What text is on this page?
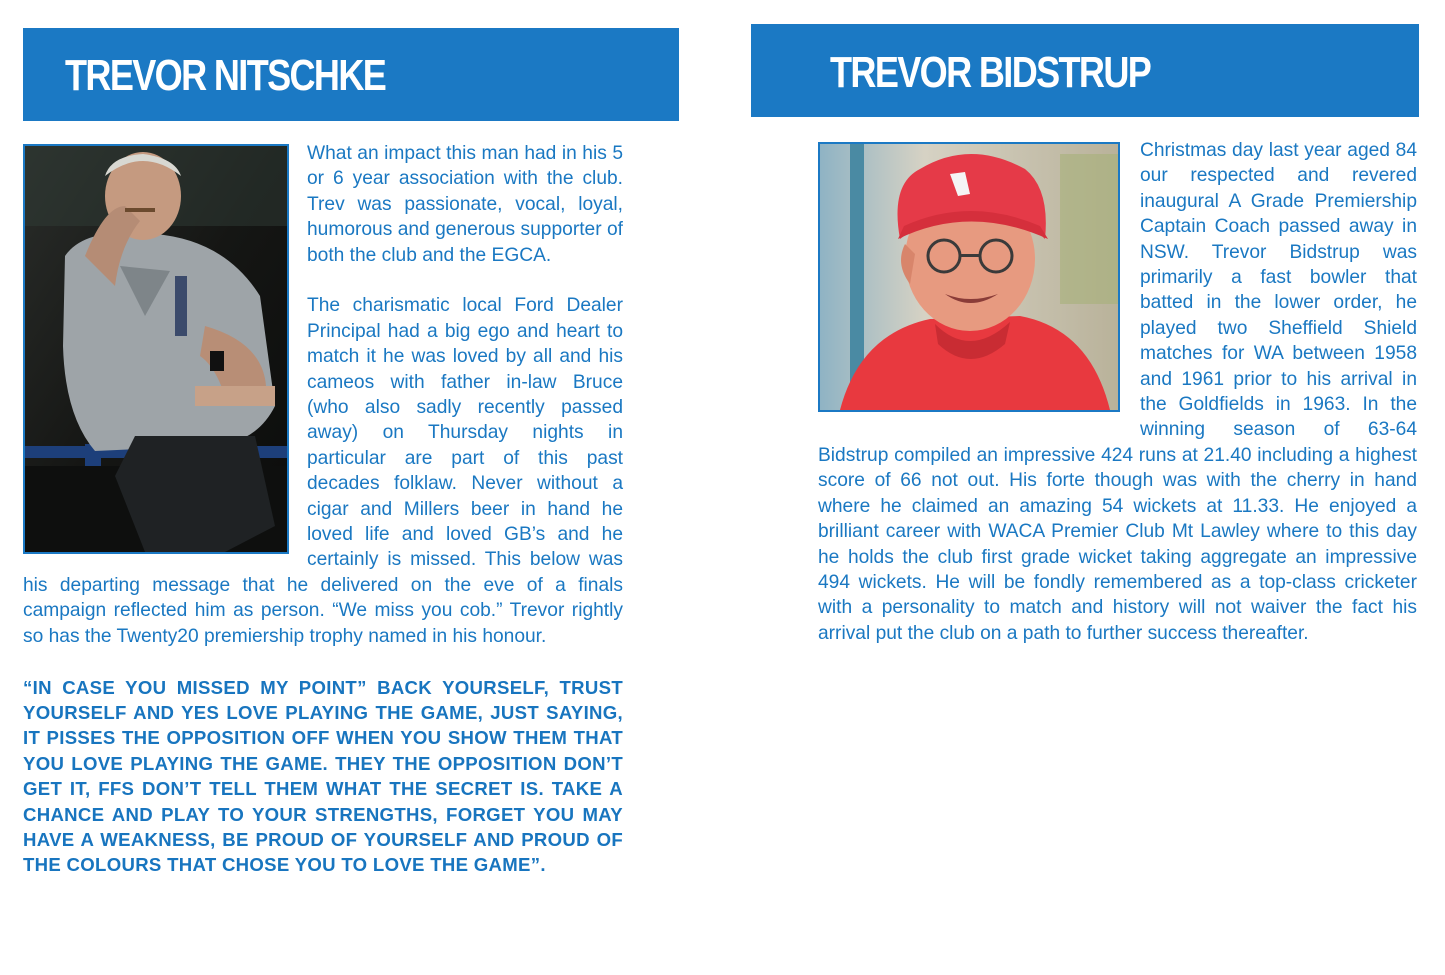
TREVOR NITSCHKE	TREVOR BIDSTRUP

What an impact this man had in his 5 or 6 year association with the club. Trev was passionate, vocal, loyal, humorous and generous supporter of both the club and the EGCA.

The charismatic local Ford Dealer Principal had a big ego and heart to match it he was loved by all and his cameos with father in-law Bruce (who also sadly recently passed away) on Thursday nights in particular are part of this past decades folklaw. Never without a cigar and Millers beer in hand he loved life and loved GB’s and he certainly is missed. This below was his departing message that he delivered on the eve of a finals campaign reflected him as person. “We miss you cob.” Trevor rightly so has the Twenty20 premiership trophy named in his honour.

“IN CASE YOU MISSED MY POINT” BACK YOURSELF, TRUST YOURSELF AND YES LOVE PLAYING THE GAME, JUST SAYING, IT PISSES THE OPPOSITION OFF WHEN YOU SHOW THEM THAT YOU LOVE PLAYING THE GAME. THEY THE OPPOSITION DON’T GET IT, FFS DON’T TELL THEM WHAT THE SECRET IS. TAKE A CHANCE AND PLAY TO YOUR STRENGTHS, FORGET YOU MAY HAVE A WEAKNESS, BE PROUD OF YOURSELF AND PROUD OF THE COLOURS THAT CHOSE YOU TO LOVE THE GAME”.

Christmas day last year aged 84 our respected and revered inaugural A Grade Premiership Captain Coach passed away in NSW. Trevor Bidstrup was primarily a fast bowler that batted in the lower order, he played two Sheffield Shield matches for WA between 1958 and 1961 prior to his arrival in the Goldfields in 1963. In the winning season of 63-64 Bidstrup compiled an impressive 424 runs at 21.40 including a highest score of 66 not out. His forte though was with the cherry in hand where he claimed an amazing 54 wickets at 11.33. He enjoyed a brilliant career with WACA Premier Club Mt Lawley where to this day he holds the club first grade wicket taking aggregate an impressive 494 wickets. He will be fondly remembered as a top-class cricketer with a personality to match and history will not waiver the fact his arrival put the club on a path to further success thereafter.
